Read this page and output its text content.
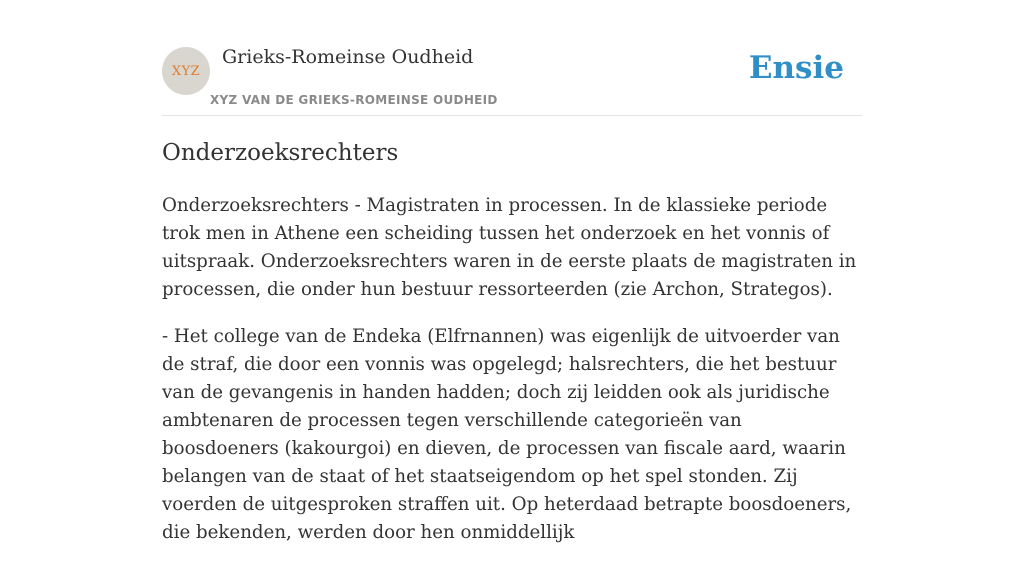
XYZ
Grieks-Romeinse Oudheid
XYZ VAN DE GRIEKS-ROMEINSE OUDHEID
Ensie
Onderzoeksrechters

Onderzoeksrechters - Magistraten in processen. In de klassieke periode trok men in Athene een scheiding tussen het onderzoek en het vonnis of uitspraak. Onderzoeksrechters waren in de eerste plaats de magistraten in processen, die onder hun bestuur ressorteerden (zie Archon, Strategos).

- Het college van de Endeka (Elfrnannen) was eigenlijk de uitvoerder van de straf, die door een vonnis was opgelegd; halsrechters, die het bestuur van de gevangenis in handen hadden; doch zij leidden ook als juridische ambtenaren de processen tegen verschillende categorieën van boosdoeners (kakourgoi) en dieven, de processen van fiscale aard, waarin belangen van de staat of het staatseigendom op het spel stonden. Zij voerden de uitgesproken straffen uit. Op heterdaad betrapte boosdoeners, die bekenden, werden door hen onmiddellijk
